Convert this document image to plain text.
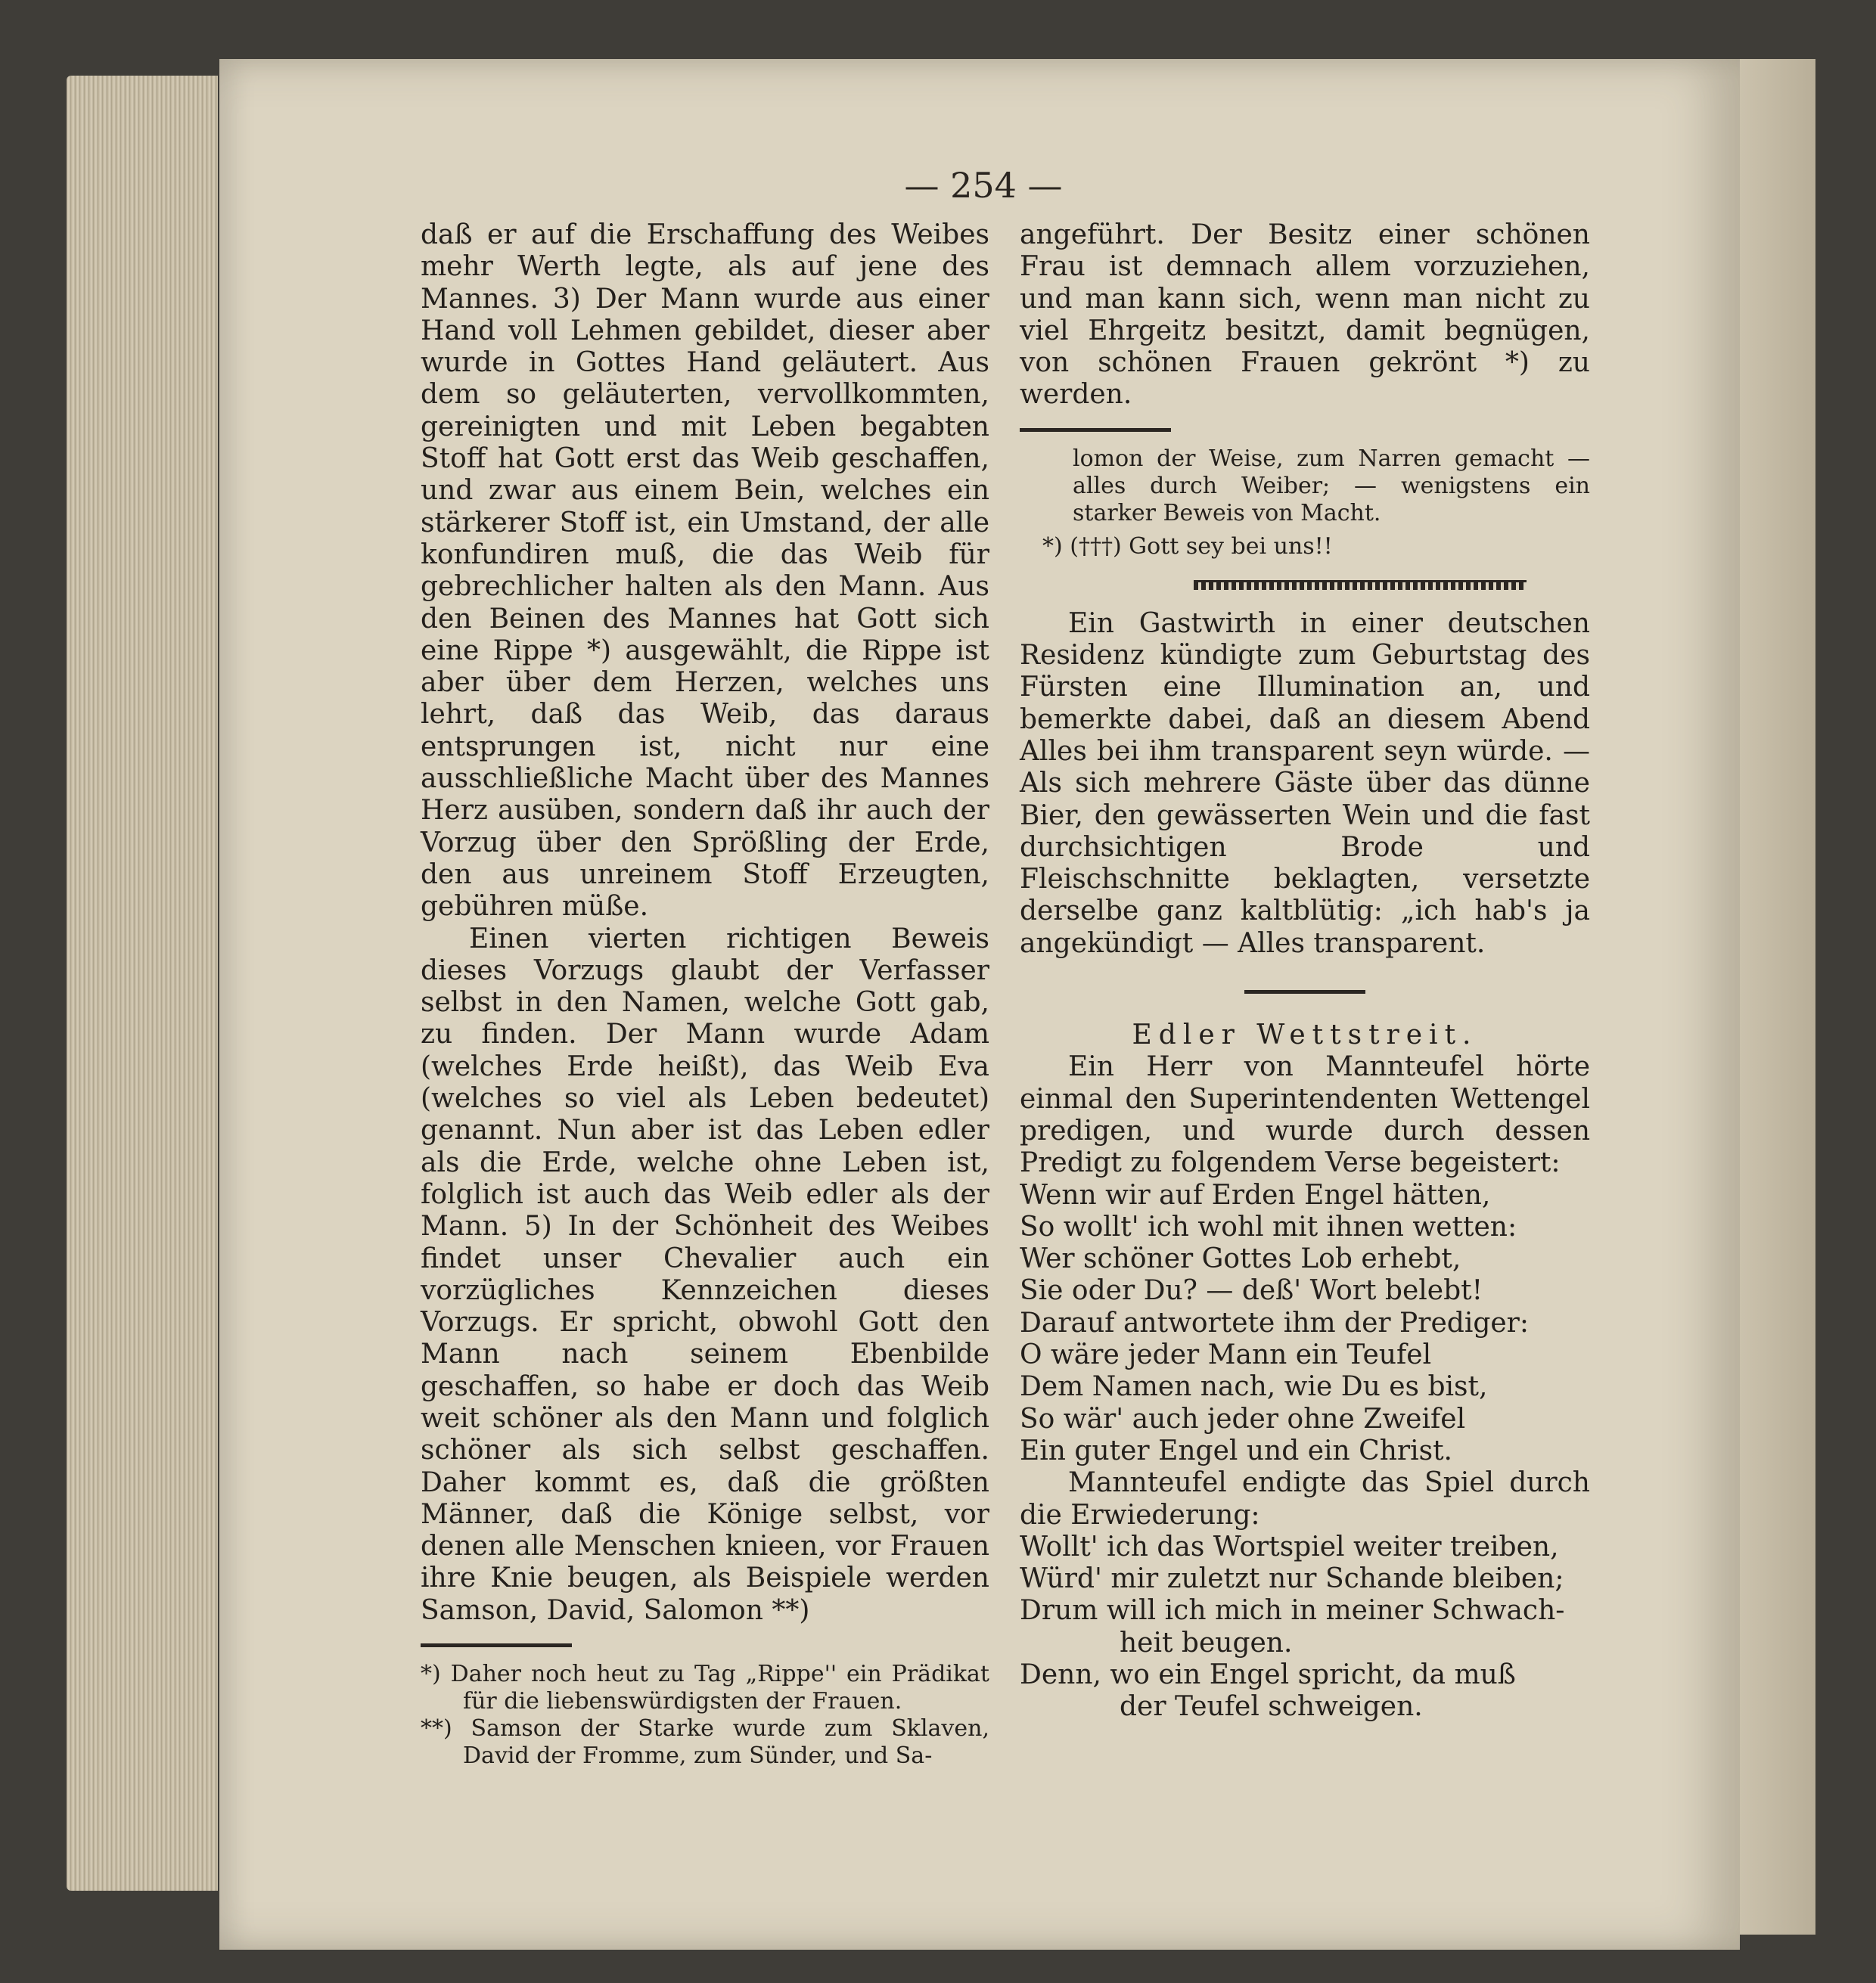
— 254 —

daß er auf die Erschaffung des Weibes mehr Werth legte, als auf jene des Mannes. 3) Der Mann wurde aus einer Hand voll Lehmen gebildet, dieser aber wurde in Gottes Hand geläutert. Aus dem so geläuterten, vervollkommten, gereinigten und mit Leben begabten Stoff hat Gott erst das Weib geschaffen, und zwar aus einem Bein, welches ein stärkerer Stoff ist, ein Umstand, der alle konfundiren muß, die das Weib für gebrechlicher halten als den Mann. Aus den Beinen des Mannes hat Gott sich eine Rippe *) ausgewählt, die Rippe ist aber über dem Herzen, welches uns lehrt, daß das Weib, das daraus entsprungen ist, nicht nur eine ausschließliche Macht über des Mannes Herz ausüben, sondern daß ihr auch der Vorzug über den Sprößling der Erde, den aus unreinem Stoff Erzeugten, gebühren müße.

Einen vierten richtigen Beweis dieses Vorzugs glaubt der Verfasser selbst in den Namen, welche Gott gab, zu finden. Der Mann wurde Adam (welches Erde heißt), das Weib Eva (welches so viel als Leben bedeutet) genannt. Nun aber ist das Leben edler als die Erde, welche ohne Leben ist, folglich ist auch das Weib edler als der Mann. 5) In der Schönheit des Weibes findet unser Chevalier auch ein vorzügliches Kennzeichen dieses Vorzugs. Er spricht, obwohl Gott den Mann nach seinem Ebenbilde geschaffen, so habe er doch das Weib weit schöner als den Mann und folglich schöner als sich selbst geschaffen. Daher kommt es, daß die größten Männer, daß die Könige selbst, vor denen alle Menschen knieen, vor Frauen ihre Knie beugen, als Beispiele werden Samson, David, Salomon **)

*) Daher noch heut zu Tag „Rippe'' ein Prädikat für die liebenswürdigsten der Frauen.

**) Samson der Starke wurde zum Sklaven, David der Fromme, zum Sünder, und Sa-

angeführt. Der Besitz einer schönen Frau ist demnach allem vorzuziehen, und man kann sich, wenn man nicht zu viel Ehrgeitz besitzt, damit begnügen, von schönen Frauen gekrönt *) zu werden.

lomon der Weise, zum Narren gemacht — alles durch Weiber; — wenigstens ein starker Beweis von Macht.

*) (†††) Gott sey bei uns!!

Ein Gastwirth in einer deutschen Residenz kündigte zum Geburtstag des Fürsten eine Illumination an, und bemerkte dabei, daß an diesem Abend Alles bei ihm transparent seyn würde. — Als sich mehrere Gäste über das dünne Bier, den gewässerten Wein und die fast durchsichtigen Brode und Fleischschnitte beklagten, versetzte derselbe ganz kaltblütig: „ich hab's ja angekündigt — Alles transparent.

Edler Wettstreit.

Ein Herr von Mannteufel hörte einmal den Superintendenten Wettengel predigen, und wurde durch dessen Predigt zu folgendem Verse begeistert:

Wenn wir auf Erden Engel hätten,

So wollt' ich wohl mit ihnen wetten:

Wer schöner Gottes Lob erhebt,

Sie oder Du? — deß' Wort belebt!

Darauf antwortete ihm der Prediger:

O wäre jeder Mann ein Teufel

Dem Namen nach, wie Du es bist,

So wär' auch jeder ohne Zweifel

Ein guter Engel und ein Christ.

Mannteufel endigte das Spiel durch die Erwiederung:

Wollt' ich das Wortspiel weiter treiben,

Würd' mir zuletzt nur Schande bleiben;

Drum will ich mich in meiner Schwach-

heit beugen.

Denn, wo ein Engel spricht, da muß

der Teufel schweigen.
